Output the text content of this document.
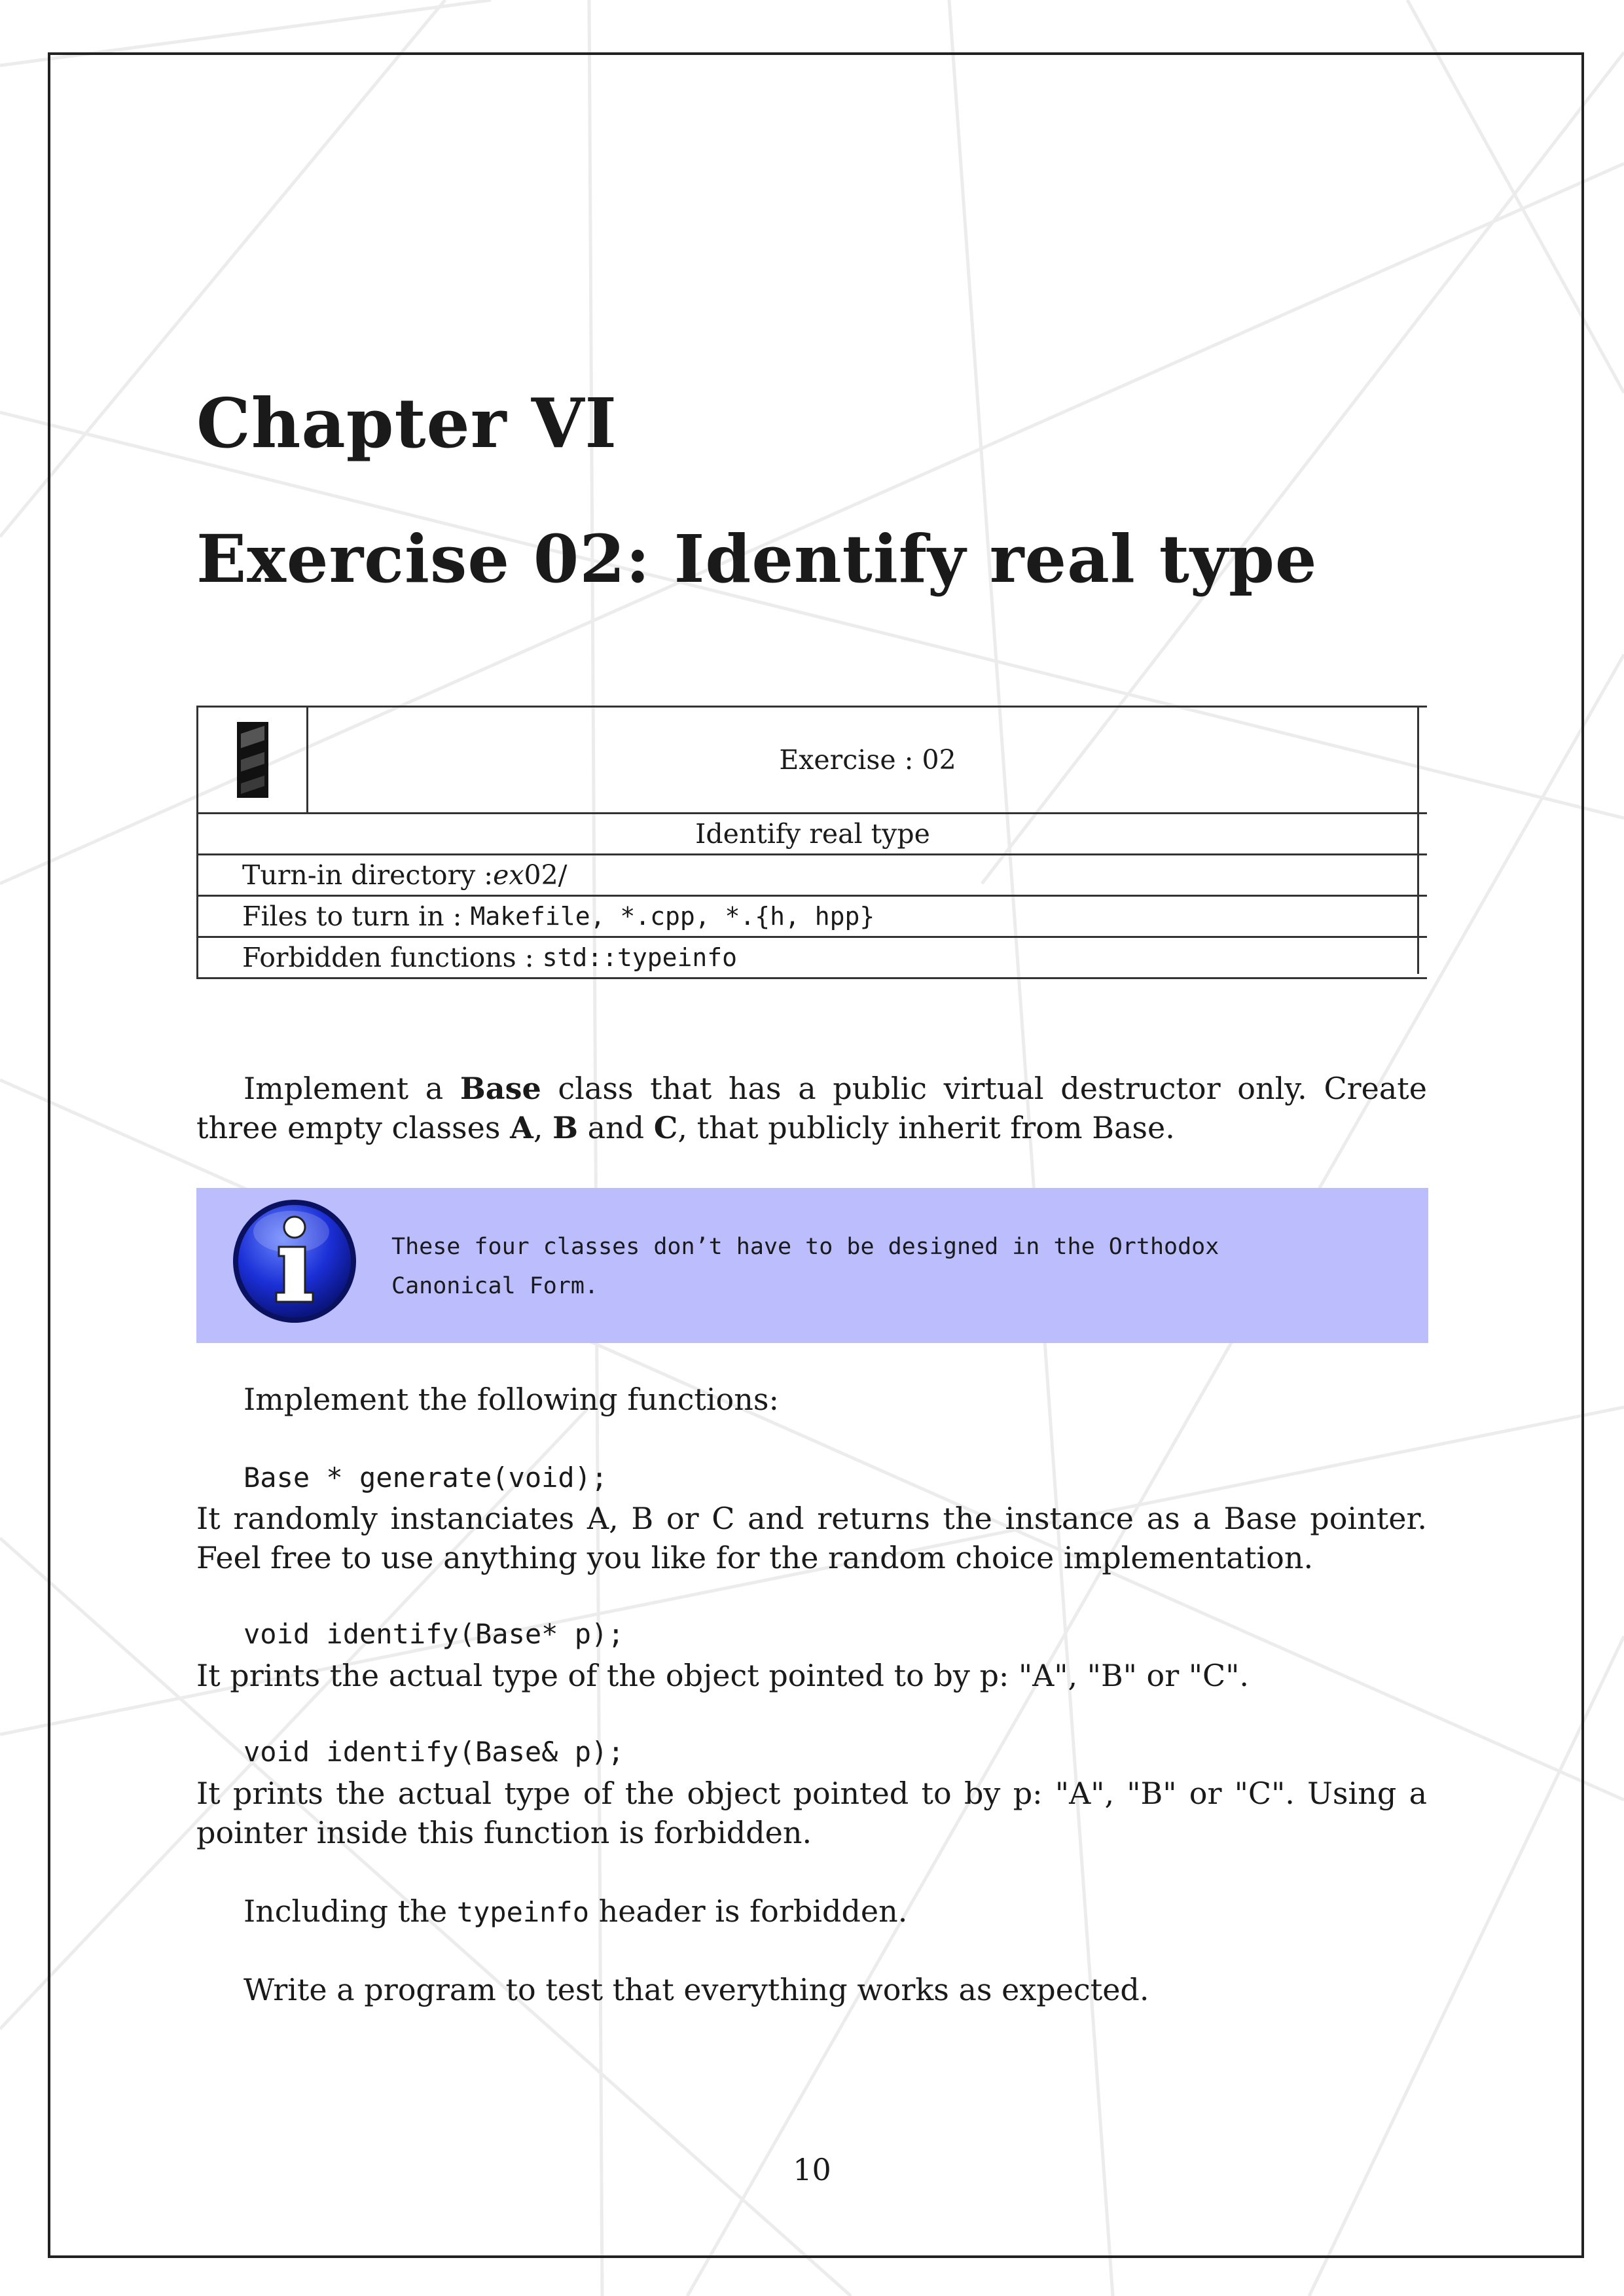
Chapter VI
Exercise 02: Identify real type
Exercise : 02
Identify real type
Turn-in directory : ex 02/
Files to turn in :
Makefile, *.cpp, *.{h, hpp}
Forbidden functions :
std::typeinfo
Implement a Base class that has a public virtual destructor only. Create three empty classes A, B and C, that publicly inherit from Base.
These four classes don’t have to be designed in the Orthodox Canonical Form.
Implement the following functions:
Base * generate(void);
It randomly instanciates A, B or C and returns the instance as a Base pointer. Feel free to use anything you like for the random choice implementation.
void identify(Base* p);
It prints the actual type of the object pointed to by p: "A", "B" or "C".
void identify(Base& p);
It prints the actual type of the object pointed to by p: "A", "B" or "C". Using a pointer inside this function is forbidden.
Including the typeinfo header is forbidden.
Write a program to test that everything works as expected.
10
